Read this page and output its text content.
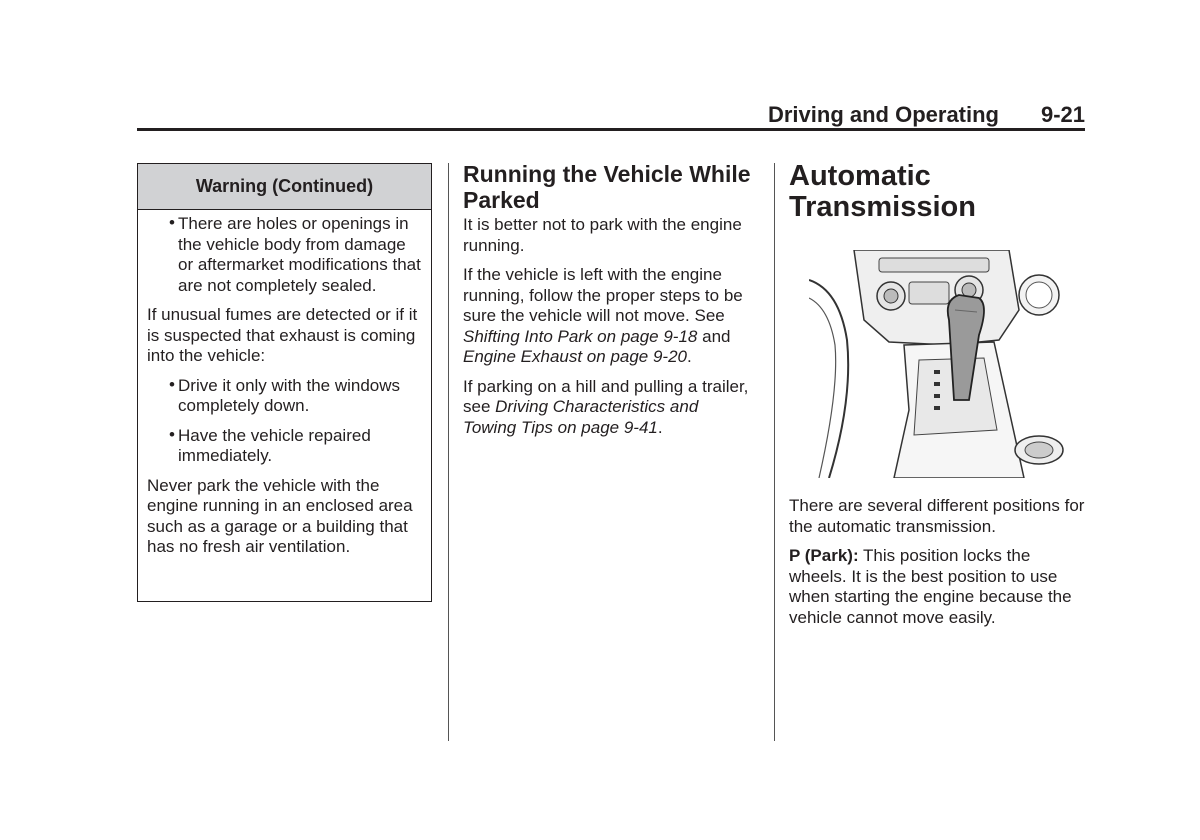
Driving and Operating 9-21
Warning (Continued)
• There are holes or openings in the vehicle body from damage or aftermarket modifications that are not completely sealed.

If unusual fumes are detected or if it is suspected that exhaust is coming into the vehicle:

• Drive it only with the windows completely down.
• Have the vehicle repaired immediately.

Never park the vehicle with the engine running in an enclosed area such as a garage or a building that has no fresh air ventilation.

Running the Vehicle While Parked

It is better not to park with the engine running.

If the vehicle is left with the engine running, follow the proper steps to be sure the vehicle will not move. See Shifting Into Park on page 9-18 and Engine Exhaust on page 9-20.

If parking on a hill and pulling a trailer, see Driving Characteristics and Towing Tips on page 9-41.

Automatic Transmission

There are several different positions for the automatic transmission.

P (Park): This position locks the wheels. It is the best position to use when starting the engine because the vehicle cannot move easily.
